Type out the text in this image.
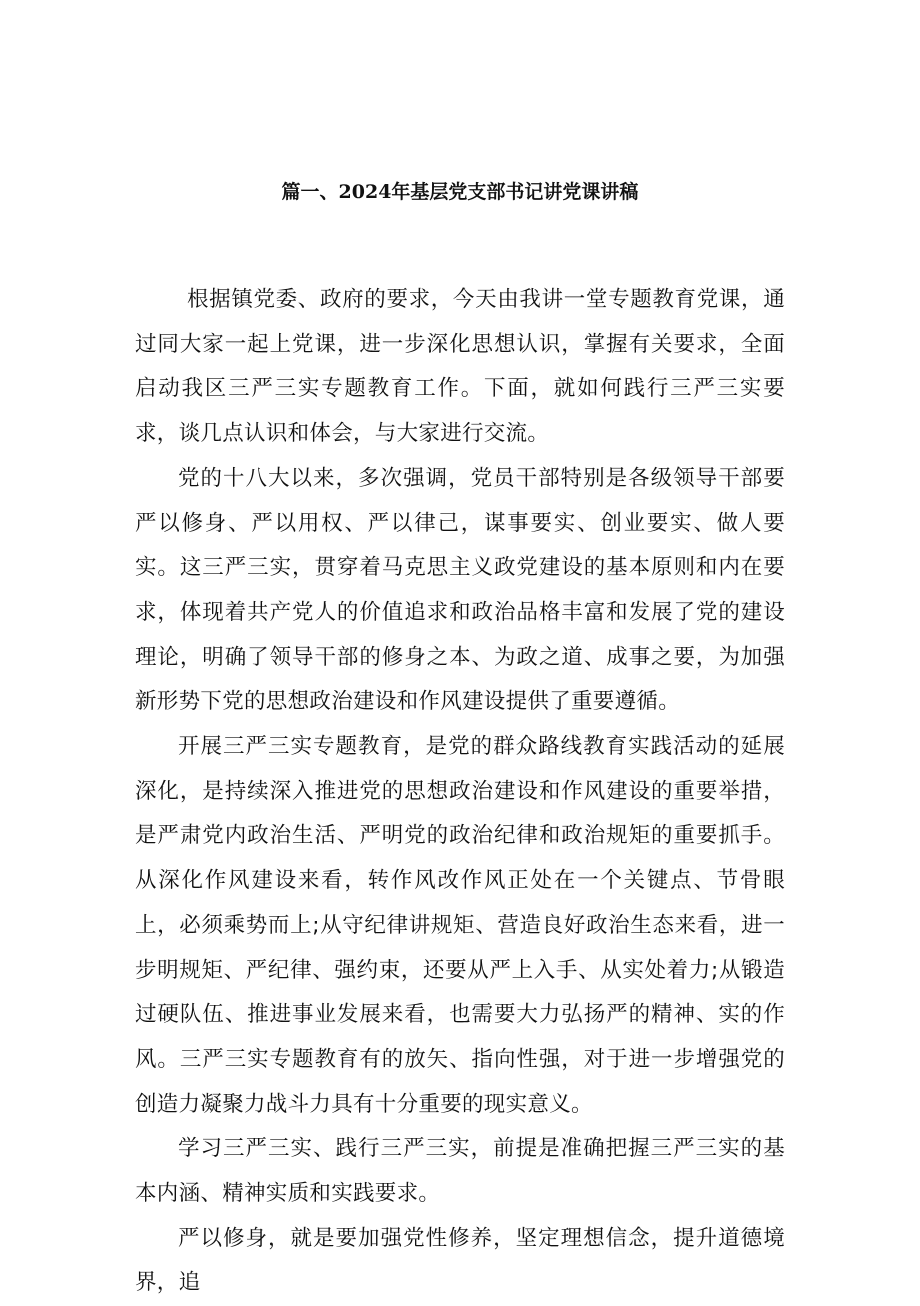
篇一、2024年基层党支部书记讲党课讲稿

根据镇党委、政府的要求，今天由我讲一堂专题教育党课，通过同大家一起上党课，进一步深化思想认识，掌握有关要求，全面启动我区三严三实专题教育工作。下面，就如何践行三严三实要求，谈几点认识和体会，与大家进行交流。

党的十八大以来，多次强调，党员干部特别是各级领导干部要严以修身、严以用权、严以律己，谋事要实、创业要实、做人要实。这三严三实，贯穿着马克思主义政党建设的基本原则和内在要求，体现着共产党人的价值追求和政治品格丰富和发展了党的建设理论，明确了领导干部的修身之本、为政之道、成事之要，为加强新形势下党的思想政治建设和作风建设提供了重要遵循。

开展三严三实专题教育，是党的群众路线教育实践活动的延展深化，是持续深入推进党的思想政治建设和作风建设的重要举措，是严肃党内政治生活、严明党的政治纪律和政治规矩的重要抓手。从深化作风建设来看，转作风改作风正处在一个关键点、节骨眼上，必须乘势而上;从守纪律讲规矩、营造良好政治生态来看，进一步明规矩、严纪律、强约束，还要从严上入手、从实处着力;从锻造过硬队伍、推进事业发展来看，也需要大力弘扬严的精神、实的作风。三严三实专题教育有的放矢、指向性强，对于进一步增强党的创造力凝聚力战斗力具有十分重要的现实意义。

学习三严三实、践行三严三实，前提是准确把握三严三实的基本内涵、精神实质和实践要求。

严以修身，就是要加强党性修养，坚定理想信念，提升道德境界，追
